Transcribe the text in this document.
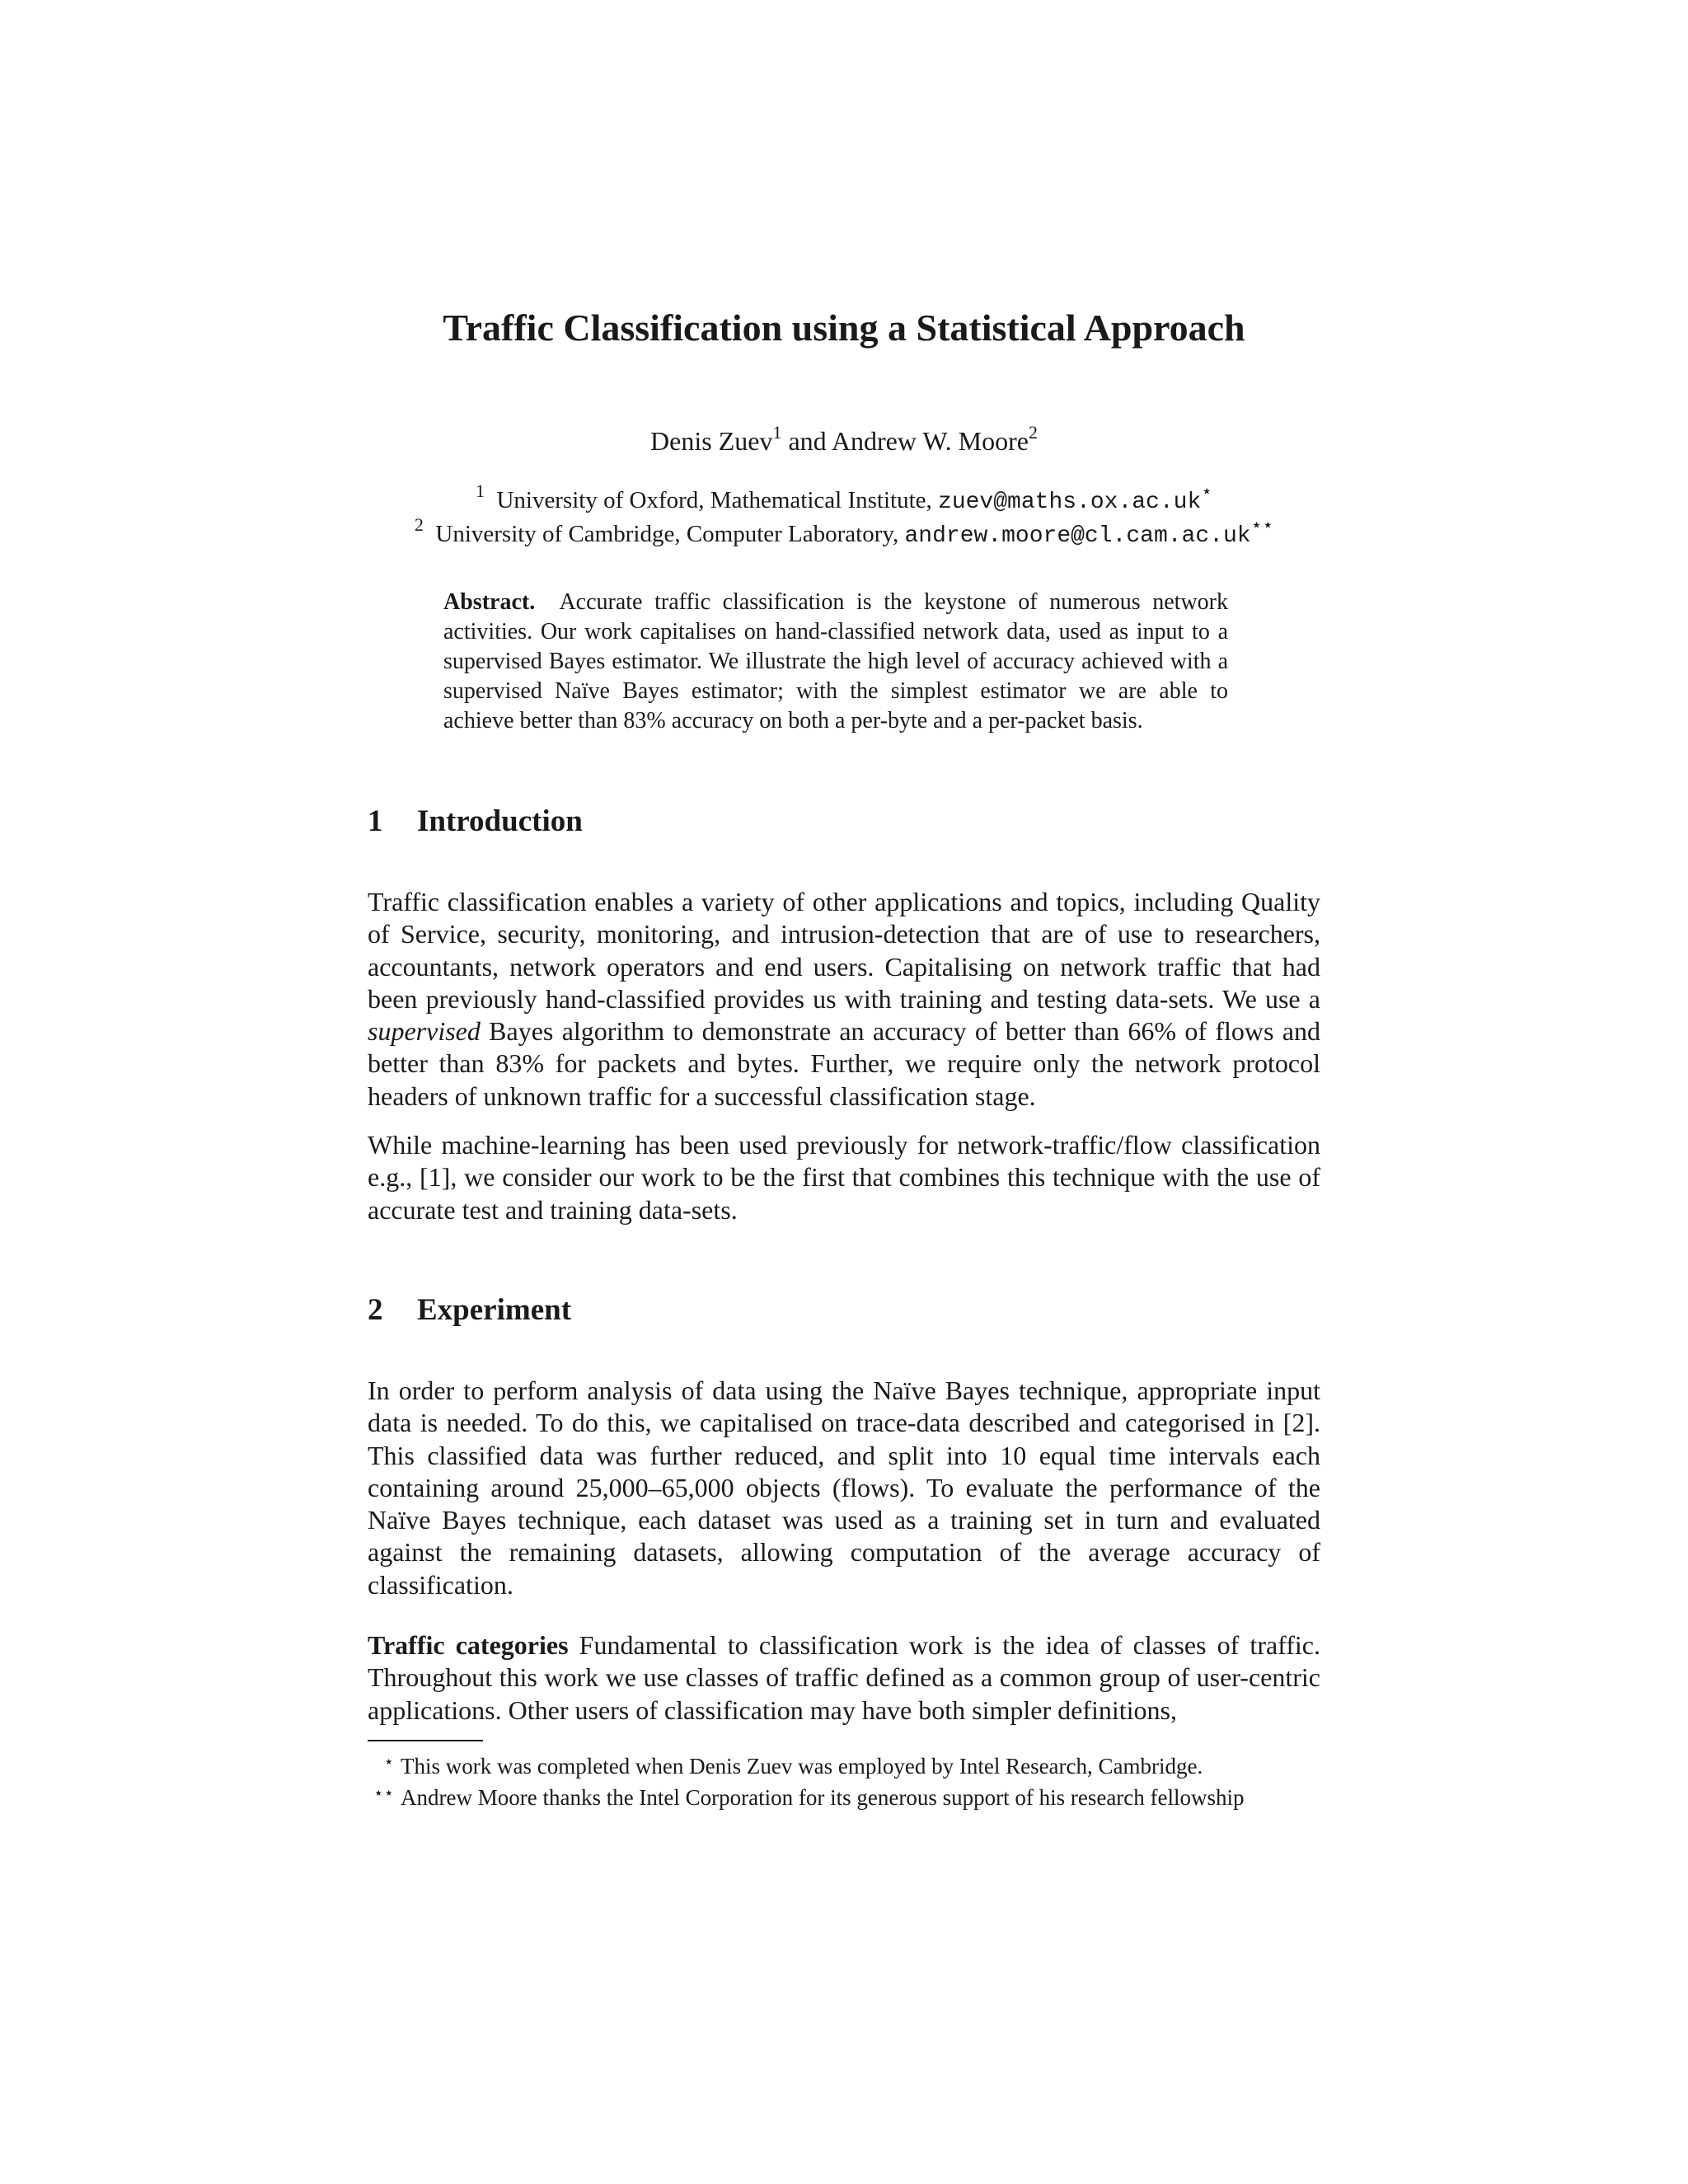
Traffic Classification using a Statistical Approach
Denis Zuev$^1$ and Andrew W. Moore$^2$
$^1$ University of Oxford, Mathematical Institute, zuev@maths.ox.ac.uk⋆
$^2$ University of Cambridge, Computer Laboratory, andrew.moore@cl.cam.ac.uk⋆⋆

Abstract. Accurate traffic classification is the keystone of numerous network activities. Our work capitalises on hand-classified network data, used as input to a supervised Bayes estimator. We illustrate the high level of accuracy achieved with a supervised Naïve Bayes estimator; with the simplest estimator we are able to achieve better than 83% accuracy on both a per-byte and a per-packet basis.

1 Introduction

Traffic classification enables a variety of other applications and topics, including Quality of Service, security, monitoring, and intrusion-detection that are of use to researchers, accountants, network operators and end users. Capitalising on network traffic that had been previously hand-classified provides us with training and testing data-sets. We use a supervised Bayes algorithm to demonstrate an accuracy of better than 66% of flows and better than 83% for packets and bytes. Further, we require only the network protocol headers of unknown traffic for a successful classification stage.

While machine-learning has been used previously for network-traffic/flow classification e.g., [1], we consider our work to be the first that combines this technique with the use of accurate test and training data-sets.

2 Experiment

In order to perform analysis of data using the Naïve Bayes technique, appropriate input data is needed. To do this, we capitalised on trace-data described and categorised in [2]. This classified data was further reduced, and split into 10 equal time intervals each containing around 25,000–65,000 objects (flows). To evaluate the performance of the Naïve Bayes technique, each dataset was used as a training set in turn and evaluated against the remaining datasets, allowing computation of the average accuracy of classification.

Traffic categories Fundamental to classification work is the idea of classes of traffic. Throughout this work we use classes of traffic defined as a common group of user-centric applications. Other users of classification may have both simpler definitions,

⋆ This work was completed when Denis Zuev was employed by Intel Research, Cambridge.

⋆⋆ Andrew Moore thanks the Intel Corporation for its generous support of his research fellowship
